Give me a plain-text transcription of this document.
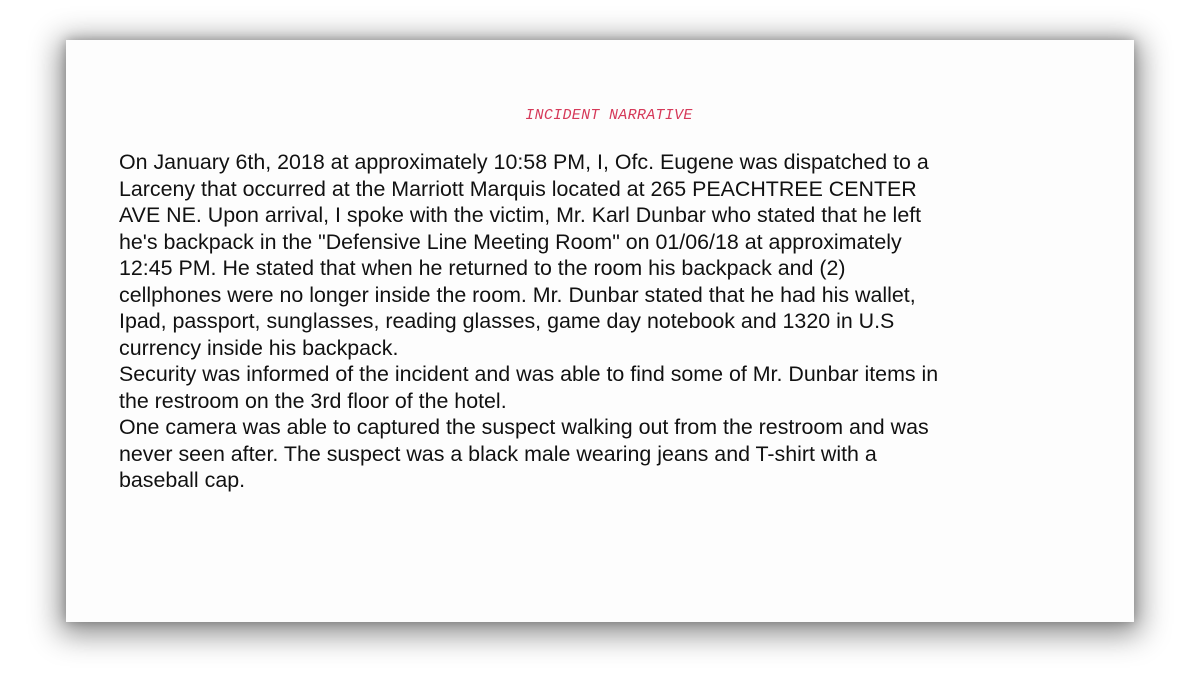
INCIDENT NARRATIVE
On January 6th, 2018 at approximately 10:58 PM, I, Ofc. Eugene was dispatched to a
Larceny that occurred at the Marriott Marquis located at 265 PEACHTREE CENTER
AVE NE. Upon arrival, I spoke with the victim, Mr. Karl Dunbar who stated that he left
he's backpack in the "Defensive Line Meeting Room" on 01/06/18 at approximately
12:45 PM. He stated that when he returned to the room his backpack and (2)
cellphones were no longer inside the room. Mr. Dunbar stated that he had his wallet,
Ipad, passport, sunglasses, reading glasses, game day notebook and 1320 in U.S
currency inside his backpack.
Security was informed of the incident and was able to find some of Mr. Dunbar items in
the restroom on the 3rd floor of the hotel.
One camera was able to captured the suspect walking out from the restroom and was
never seen after. The suspect was a black male wearing jeans and T-shirt with a
baseball cap.
